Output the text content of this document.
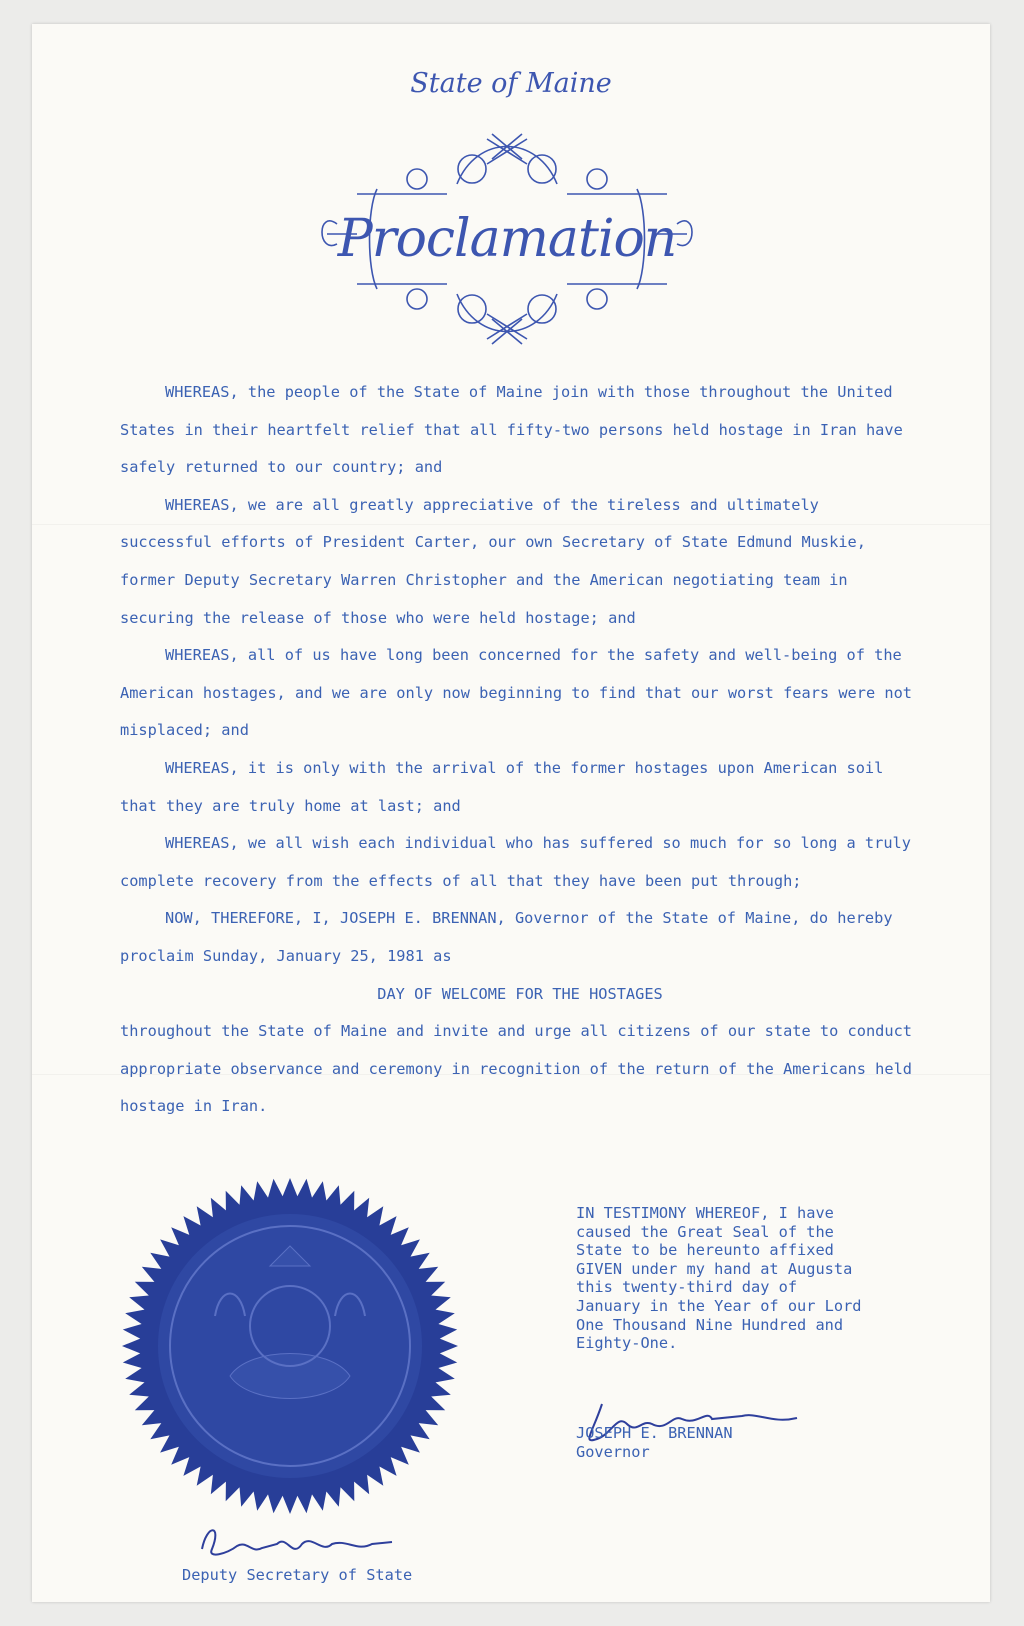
State of Maine
Proclamation

WHEREAS, the people of the State of Maine join with those throughout the United States in their heartfelt relief that all fifty-two persons held hostage in Iran have safely returned to our country; and

WHEREAS, we are all greatly appreciative of the tireless and ultimately successful efforts of President Carter, our own Secretary of State Edmund Muskie, former Deputy Secretary Warren Christopher and the American negotiating team in securing the release of those who were held hostage; and

WHEREAS, all of us have long been concerned for the safety and well-being of the American hostages, and we are only now beginning to find that our worst fears were not misplaced; and

WHEREAS, it is only with the arrival of the former hostages upon American soil that they are truly home at last; and

WHEREAS, we all wish each individual who has suffered so much for so long a truly complete recovery from the effects of all that they have been put through;

NOW, THEREFORE, I, JOSEPH E. BRENNAN, Governor of the State of Maine, do hereby proclaim Sunday, January 25, 1981 as

DAY OF WELCOME FOR THE HOSTAGES

throughout the State of Maine and invite and urge all citizens of our state to conduct appropriate observance and ceremony in recognition of the return of the Americans held hostage in Iran.

IN TESTIMONY WHEREOF, I have
caused the Great Seal of the
State to be hereunto affixed
GIVEN under my hand at Augusta
this twenty-third day of
January in the Year of our Lord
One Thousand Nine Hundred and
Eighty-One.
JOSEPH E. BRENNAN
Governor
Deputy Secretary of State
